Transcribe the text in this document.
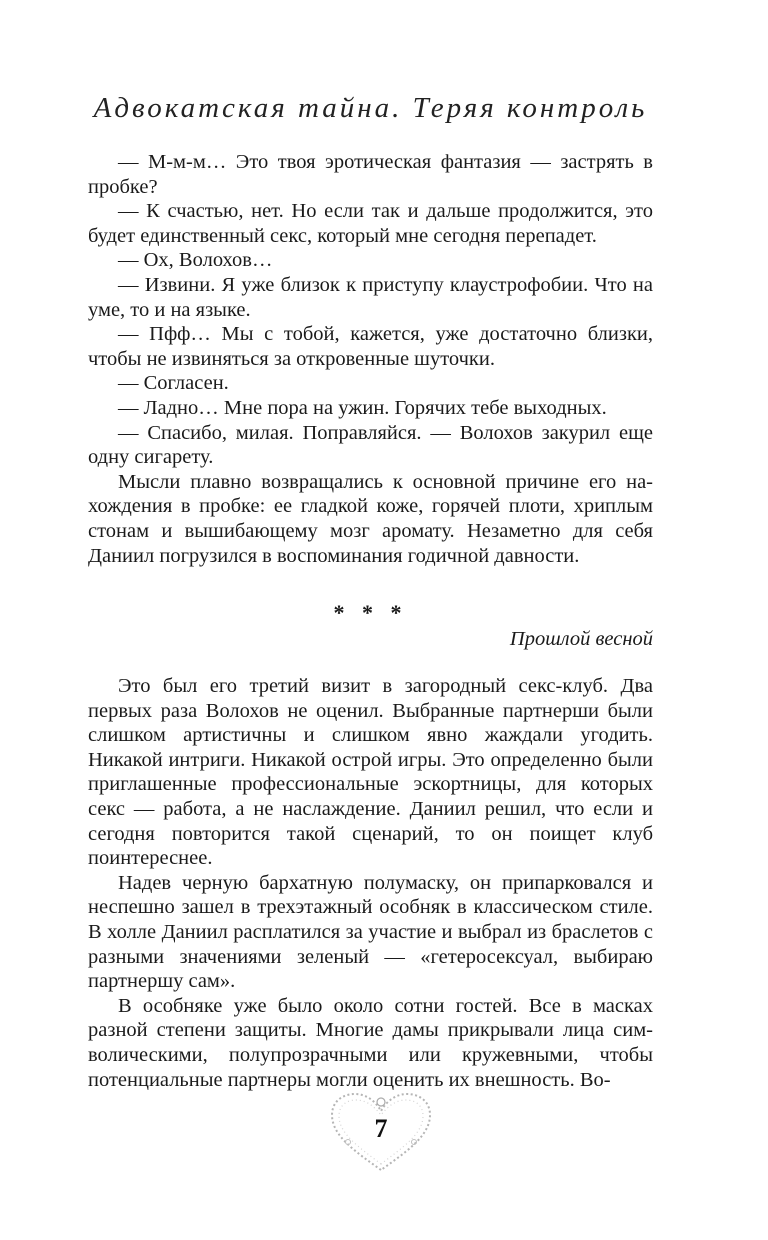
Адвокатская тайна. Теряя контроль

— М-м-м… Это твоя эротическая фантазия — застрять в пробке?

— К счастью, нет. Но если так и дальше продолжится, это будет единственный секс, который мне сегодня перепадет.

— Ох, Волохов…

— Извини. Я уже близок к приступу клаустрофобии. Что на уме, то и на языке.

— Пфф… Мы с тобой, кажется, уже достаточно близки, чтобы не извиняться за откровенные шуточки.

— Согласен.

— Ладно… Мне пора на ужин. Горячих тебе выходных.

— Спасибо, милая. Поправляйся. — Волохов закурил еще одну сигарету.

Мысли плавно возвращались к основной причине его нахождения в пробке: ее гладкой коже, горячей плоти, хриплым стонам и вышибающему мозг аромату. Незаметно для себя Даниил погрузился в воспоминания годичной давности.

* * *
Прошлой весной

Это был его третий визит в загородный секс-клуб. Два первых раза Волохов не оценил. Выбранные партнерши были слишком артистичны и слишком явно жаждали угодить. Никакой интриги. Никакой острой игры. Это определенно были приглашенные профессиональные эскортницы, для которых секс — работа, а не наслаждение. Даниил решил, что если и сегодня повторится такой сценарий, то он поищет клуб поинтереснее.

Надев черную бархатную полумаску, он припарковался и неспешно зашел в трехэтажный особняк в классическом стиле. В холле Даниил расплатился за участие и выбрал из браслетов с разными значениями зеленый — «гетеросексуал, выбираю партнершу сам».

В особняке уже было около сотни гостей. Все в масках разной степени защиты. Многие дамы прикрывали лица символическими, полупрозрачными или кружевными, чтобы потенциальные партнеры могли оценить их внешность. Во-

7
